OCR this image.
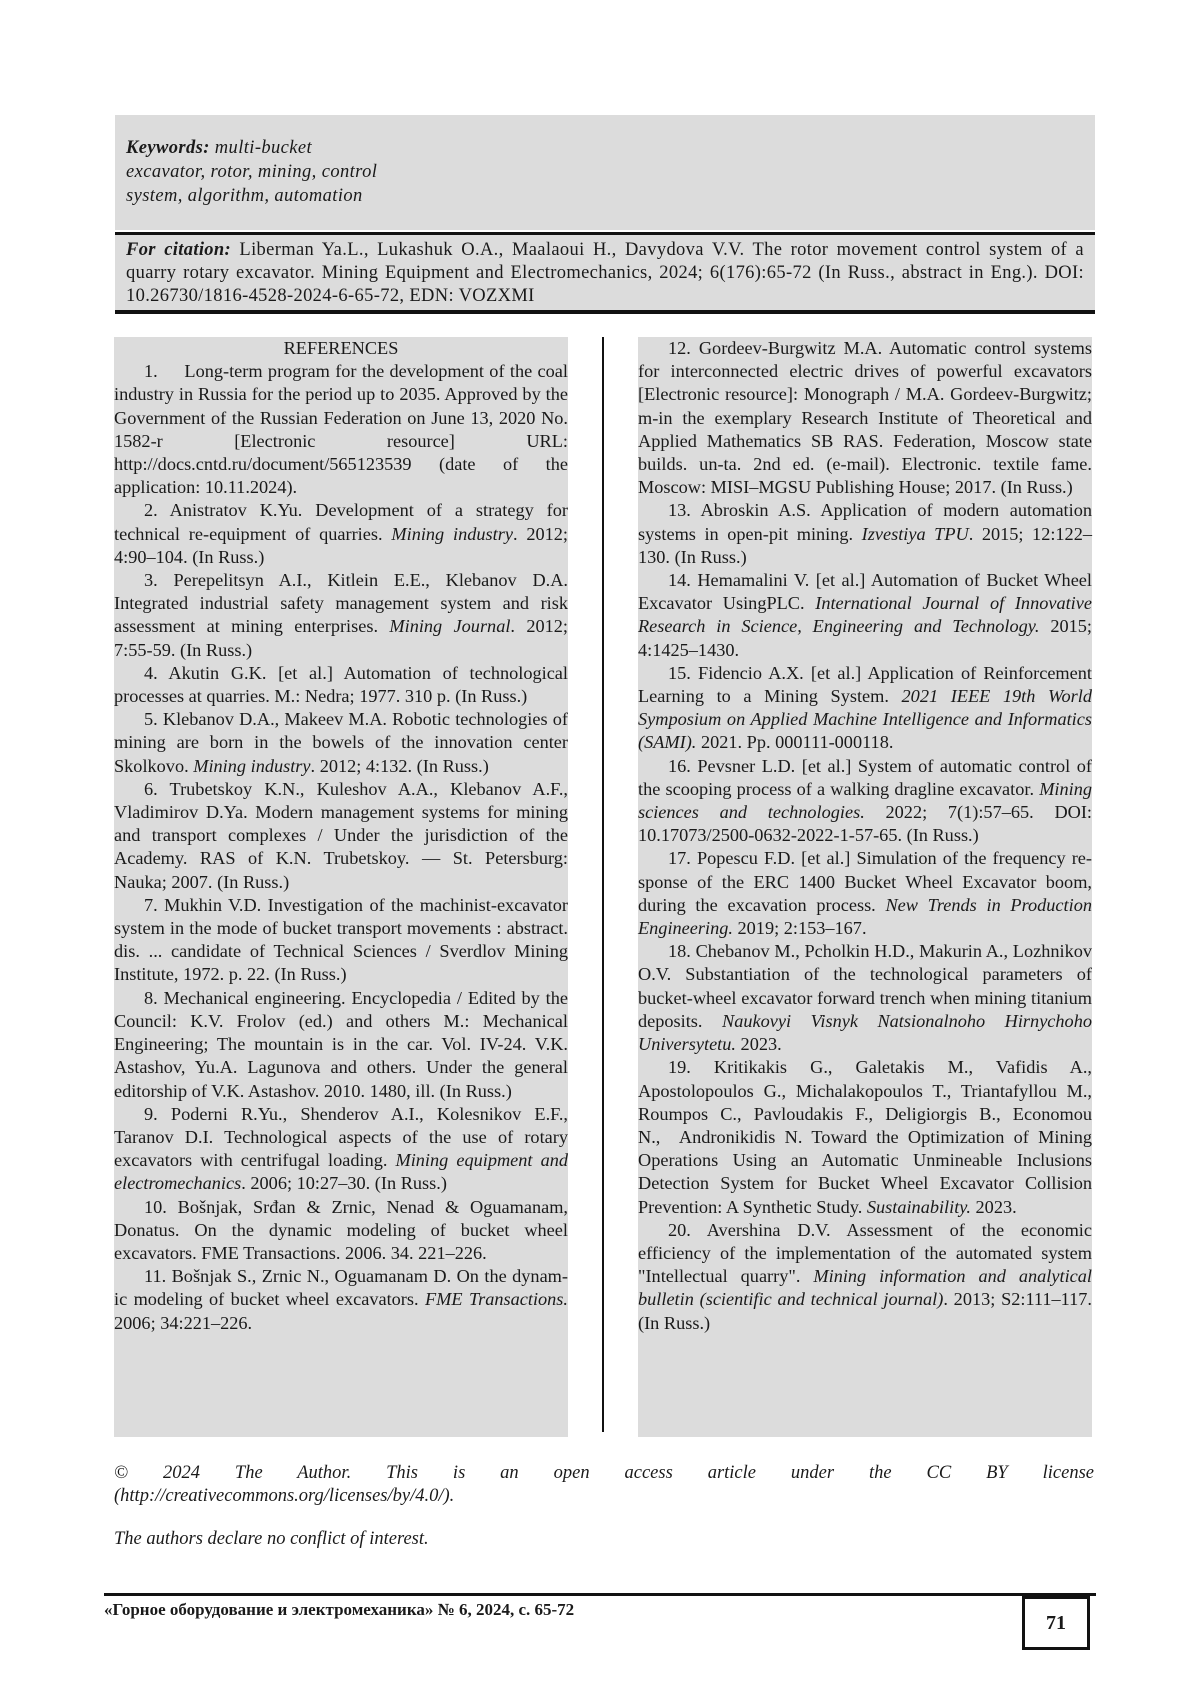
Keywords: multi-bucket excavator, rotor, mining, control system, algorithm, automation
For citation: Liberman Ya.L., Lukashuk O.A., Maalaoui H., Davydova V.V. The rotor movement control system of a quarry rotary excavator. Mining Equipment and Electromechanics, 2024; 6(176):65-72 (In Russ., abstract in Eng.). DOI: 10.26730/1816-4528-2024-6-65-72, EDN: VOZXMI

REFERENCES

1.     Long-term program for the development of the coal industry in Russia for the period up to 2035. Approved by the Government of the Russian Federation on June 13, 2020 No. 1582-r [Electronic resource] URL: http://docs.cntd.ru/document/565123539 (date of the application: 10.11.2024).

2. Anistratov K.Yu. Development of a strategy for technical re-equipment of quarries. Mining industry. 2012; 4:90–104. (In Russ.)

3. Perepelitsyn A.I., Kitlein E.E., Klebanov D.A. Integrated industrial safety management system and risk assessment at mining enterprises. Mining Journal. 2012; 7:55-59. (In Russ.)

4. Akutin G.K. [et al.] Automation of technological processes at quarries. M.: Nedra; 1977. 310 p. (In Russ.)

5. Klebanov D.A., Makeev M.A. Robotic technologies of mining are born in the bowels of the innovation center Skolkovo. Mining industry. 2012; 4:132. (In Russ.)

6. Trubetskoy K.N., Kuleshov A.A., Klebanov A.F., Vladimirov D.Ya. Modern management systems for mining and transport complexes / Under the jurisdiction of the Academy. RAS of K.N. Trubetskoy. — St. Petersburg: Nauka; 2007. (In Russ.)

7. Mukhin V.D. Investigation of the machinist-excavator system in the mode of bucket transport movements : abstract. dis. ... candidate of Technical Sciences / Sverdlov Mining Institute, 1972. p. 22. (In Russ.)

8. Mechanical engineering. Encyclopedia / Edited by the Council: K.V. Frolov (ed.) and others M.: Mechanical Engineering; The mountain is in the car. Vol. IV-24. V.K. Astashov, Yu.A. Lagunova and others. Under the general editorship of V.K. Astashov. 2010. 1480, ill. (In Russ.)

9. Poderni R.Yu., Shenderov A.I., Kolesnikov E.F., Taranov D.I. Technological aspects of the use of rotary excavators with centrifugal loading. Mining equipment and electromechanics. 2006; 10:27–30. (In Russ.)

10. Bošnjak, Srđan & Zrnic, Nenad & Oguamanam, Donatus. On the dynamic modeling of bucket wheel excavators. FME Transactions. 2006. 34. 221–226.

11. Bošnjak S., Zrnic N., Oguamanam D. On the dynam-ic modeling of bucket wheel excavators. FME Transactions. 2006; 34:221–226.

12. Gordeev-Burgwitz M.A. Automatic control systems for interconnected electric drives of powerful excavators [Electronic resource]: Monograph / M.A. Gordeev-Burgwitz; m-in the exemplary Research Institute of Theoretical and Applied Mathematics SB RAS. Federation, Moscow state builds. un-ta. 2nd ed. (e-mail). Electronic. textile fame. Moscow: MISI–MGSU Publishing House; 2017. (In Russ.)

13. Abroskin A.S. Application of modern automation systems in open-pit mining. Izvestiya TPU. 2015; 12:122–130. (In Russ.)

14. Hemamalini V. [et al.] Automation of Bucket Wheel Excavator UsingPLC. International Journal of Innovative Research in Science, Engineering and Technology. 2015; 4:1425–1430.

15. Fidencio A.X. [et al.] Application of Reinforcement Learning to a Mining System. 2021 IEEE 19th World Symposium on Applied Machine Intelligence and Informatics (SAMI). 2021. Pp. 000111-000118.

16. Pevsner L.D. [et al.] System of automatic control of the scooping process of a walking dragline excavator. Mining sciences and technologies. 2022; 7(1):57–65. DOI: 10.17073/2500-0632-2022-1-57-65. (In Russ.)

17. Popescu F.D. [et al.] Simulation of the frequency re-sponse of the ERC 1400 Bucket Wheel Excavator boom, during the excavation process. New Trends in Production Engineering. 2019; 2:153–167.

18. Chebanov M., Pcholkin H.D., Makurin A., Lozhnikov O.V. Substantiation of the technological parameters of bucket-wheel excavator forward trench when mining titanium deposits. Naukovyi Visnyk Natsionalnoho Hirnychoho Universytetu. 2023.

19. Kritikakis G., Galetakis M., Vafidis A., Apostolopoulos G., Michalakopoulos T., Triantafyllou M., Roumpos C., Pavloudakis F., Deligiorgis B., Economou N.,  Andronikidis N. Toward the Optimization of Mining Operations Using an Automatic Unmineable Inclusions Detection System for Bucket Wheel Excavator Collision Prevention: A Synthetic Study. Sustainability. 2023.

20. Avershina D.V. Assessment of the economic efficiency of the implementation of the automated system "Intellectual quarry". Mining information and analytical bulletin (scientific and technical journal). 2013; S2:111–117. (In Russ.)

© 2024 The Author. This is an open access article under the CC BY license
(http://creativecommons.org/licenses/by/4.0/).
The authors declare no conflict of interest.
«Горное оборудование и электромеханика» № 6, 2024, с. 65-72
71
